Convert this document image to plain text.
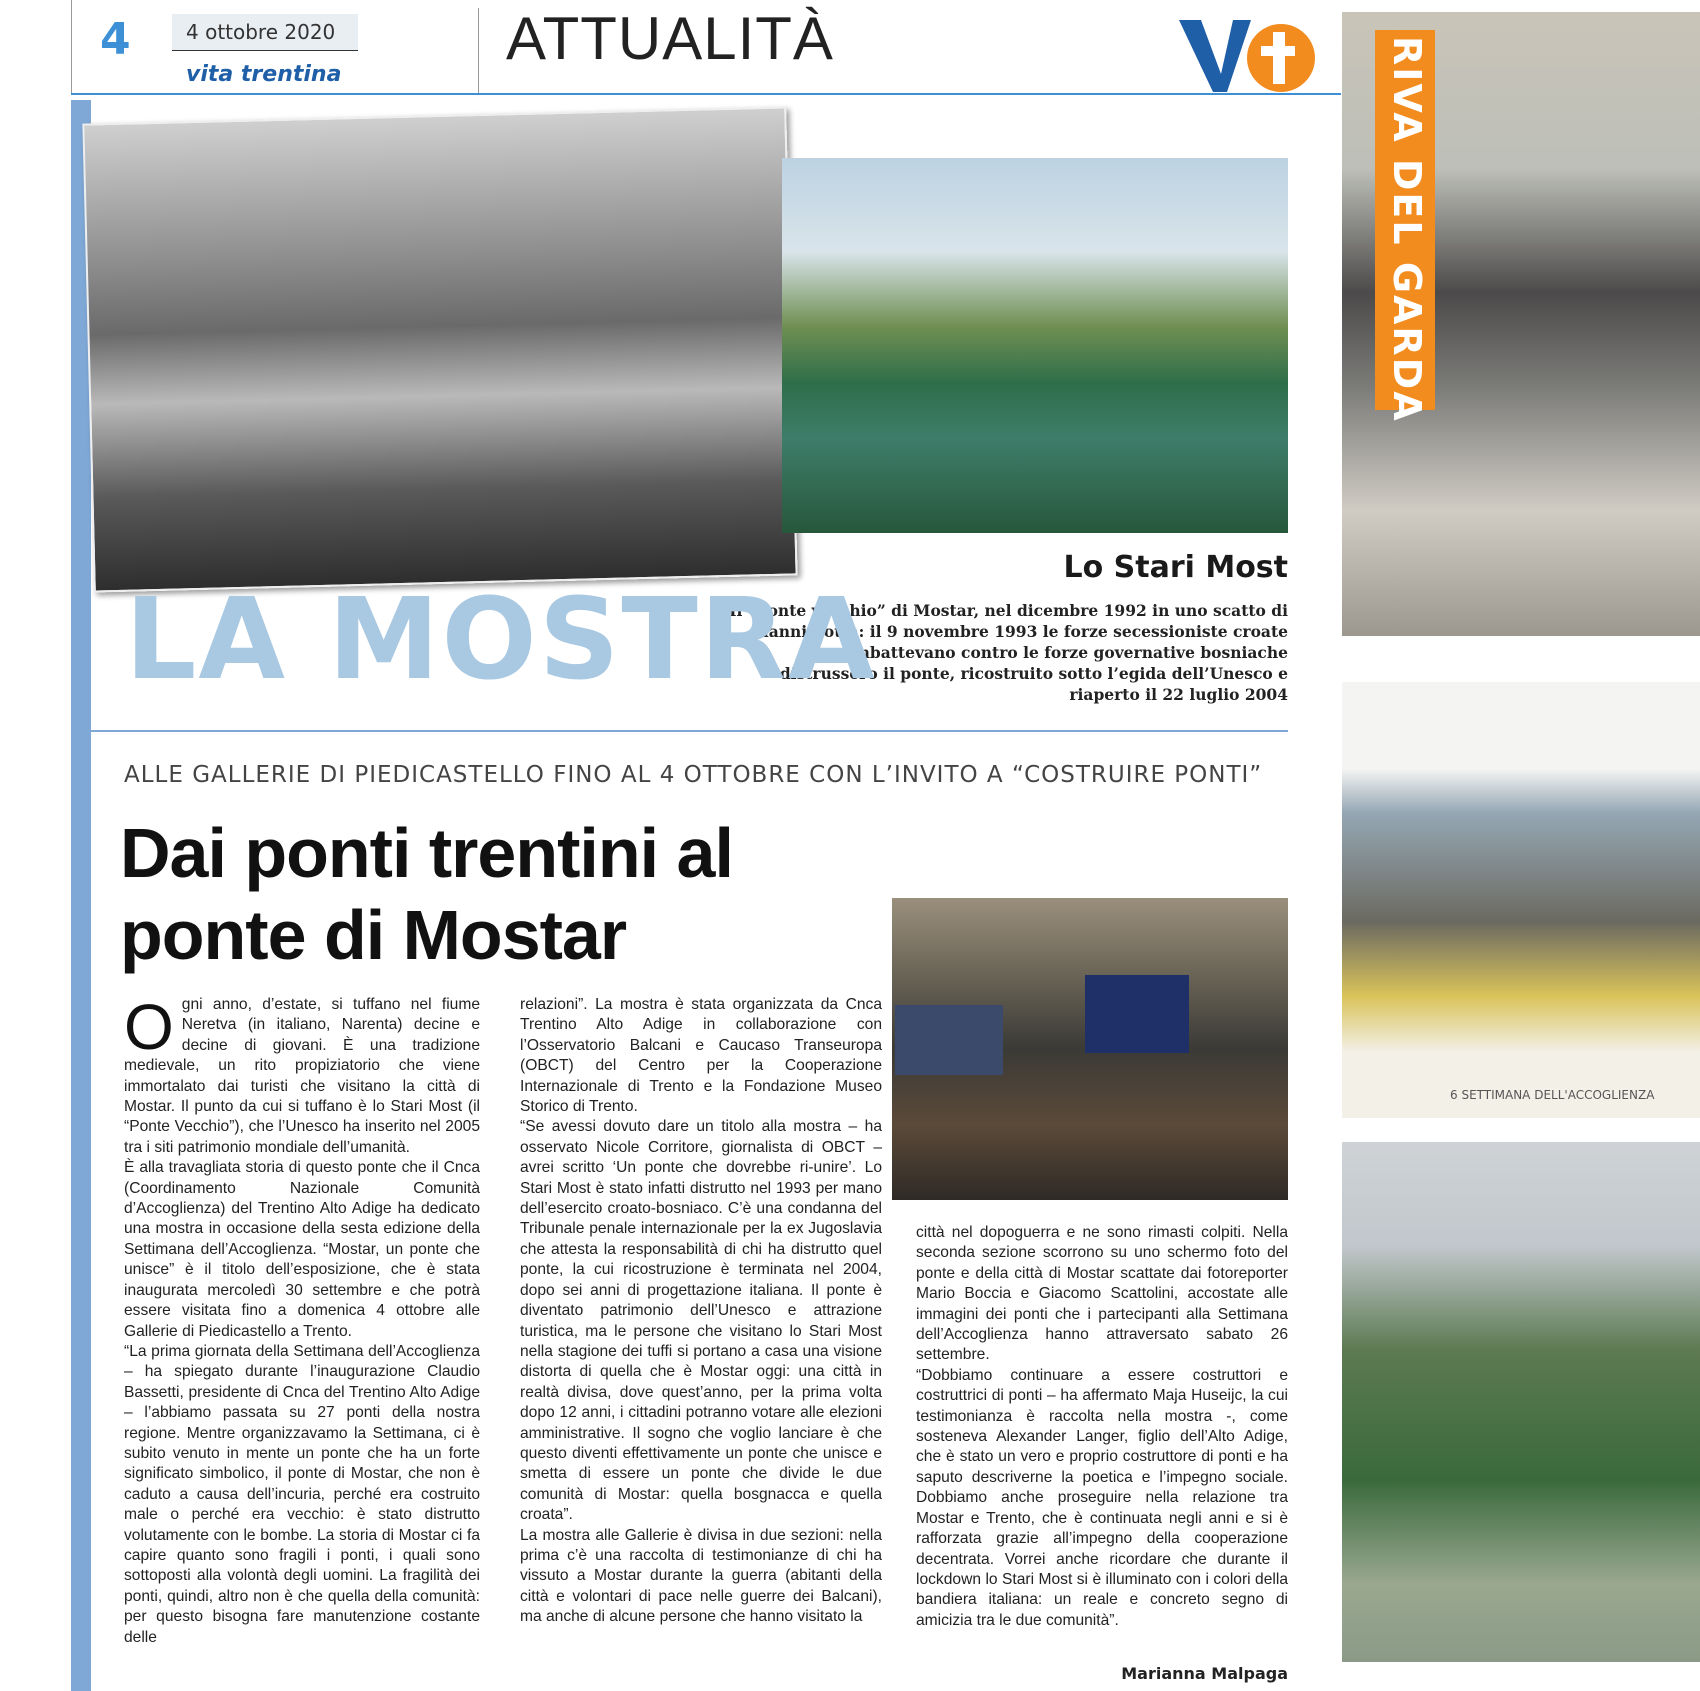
4	4 ottobre 2020
vita trentina
ATTUALITÀ
Lo Stari Most
Il “ponte vecchio” di Mostar, nel dicembre 1992 in uno scatto di Gianni Zotta: il 9 novembre 1993 le forze secessioniste croate che combattevano contro le forze governative bosniache distrussero il ponte, ricostruito sotto l’egida dell’Unesco e riaperto il 22 luglio 2004
LA MOSTRA
ALLE GALLERIE DI PIEDICASTELLO FINO AL 4 OTTOBRE CON L’INVITO A “COSTRUIRE PONTI”
Dai ponti trentini al ponte di Mostar
O gni anno, d’estate, si tuffano nel fiume Neretva (in italiano, Narenta) decine e decine di giovani. È una tradizione medievale, un rito propiziatorio che viene immortalato dai turisti che visitano la città di Mostar. Il punto da cui si tuffano è lo Stari Most (il “Ponte Vecchio”), che l’Unesco ha inserito nel 2005 tra i siti patrimonio mondiale dell’umanità.

È alla travagliata storia di questo ponte che il Cnca (Coordinamento Nazionale Comunità d’Accoglienza) del Trentino Alto Adige ha dedicato una mostra in occasione della sesta edizione della Settimana dell’Accoglienza. “Mostar, un ponte che unisce” è il titolo dell’esposizione, che è stata inaugurata mercoledì 30 settembre e che potrà essere visitata fino a domenica 4 ottobre alle Gallerie di Piedicastello a Trento.

“La prima giornata della Settimana dell’Accoglienza – ha spiegato durante l’inaugurazione Claudio Bassetti, presidente di Cnca del Trentino Alto Adige – l’abbiamo passata su 27 ponti della nostra regione. Mentre organizzavamo la Settimana, ci è subito venuto in mente un ponte che ha un forte significato simbolico, il ponte di Mostar, che non è caduto a causa dell’incuria, perché era costruito male o perché era vecchio: è stato distrutto volutamente con le bombe. La storia di Mostar ci fa capire quanto sono fragili i ponti, i quali sono sottoposti alla volontà degli uomini. La fragilità dei ponti, quindi, altro non è che quella della comunità: per questo bisogna fare manutenzione costante delle

relazioni”. La mostra è stata organizzata da Cnca Trentino Alto Adige in collaborazione con l’Osservatorio Balcani e Caucaso Transeuropa (OBCT) del Centro per la Cooperazione Internazionale di Trento e la Fondazione Museo Storico di Trento.

“Se avessi dovuto dare un titolo alla mostra – ha osservato Nicole Corritore, giornalista di OBCT – avrei scritto ‘Un ponte che dovrebbe ri-unire’. Lo Stari Most è stato infatti distrutto nel 1993 per mano dell’esercito croato-bosniaco. C’è una condanna del Tribunale penale internazionale per la ex Jugoslavia che attesta la responsabilità di chi ha distrutto quel ponte, la cui ricostruzione è terminata nel 2004, dopo sei anni di progettazione italiana. Il ponte è diventato patrimonio dell’Unesco e attrazione turistica, ma le persone che visitano lo Stari Most nella stagione dei tuffi si portano a casa una visione distorta di quella che è Mostar oggi: una città in realtà divisa, dove quest’anno, per la prima volta dopo 12 anni, i cittadini potranno votare alle elezioni amministrative. Il sogno che voglio lanciare è che questo diventi effettivamente un ponte che unisce e smetta di essere un ponte che divide le due comunità di Mostar: quella bosgnacca e quella croata”.

La mostra alle Gallerie è divisa in due sezioni: nella prima c’è una raccolta di testimonianze di chi ha vissuto a Mostar durante la guerra (abitanti della città e volontari di pace nelle guerre dei Balcani), ma anche di alcune persone che hanno visitato la

città nel dopoguerra e ne sono rimasti colpiti. Nella seconda sezione scorrono su uno schermo foto del ponte e della città di Mostar scattate dai fotoreporter Mario Boccia e Giacomo Scattolini, accostate alle immagini dei ponti che i partecipanti alla Settimana dell’Accoglienza hanno attraversato sabato 26 settembre.

“Dobbiamo continuare a essere costruttori e costruttrici di ponti – ha affermato Maja Huseijc, la cui testimonianza è raccolta nella mostra -, come sosteneva Alexander Langer, figlio dell’Alto Adige, che è stato un vero e proprio costruttore di ponti e ha saputo descriverne la poetica e l’impegno sociale. Dobbiamo anche proseguire nella relazione tra Mostar e Trento, che è continuata negli anni e si è rafforzata grazie all’impegno della cooperazione decentrata. Vorrei anche ricordare che durante il lockdown lo Stari Most si è illuminato con i colori della bandiera italiana: un reale e concreto segno di amicizia tra le due comunità”.

Marianna Malpaga
RIVA DEL GARDA
6 SETTIMANA DELL'ACCOGLIENZA
